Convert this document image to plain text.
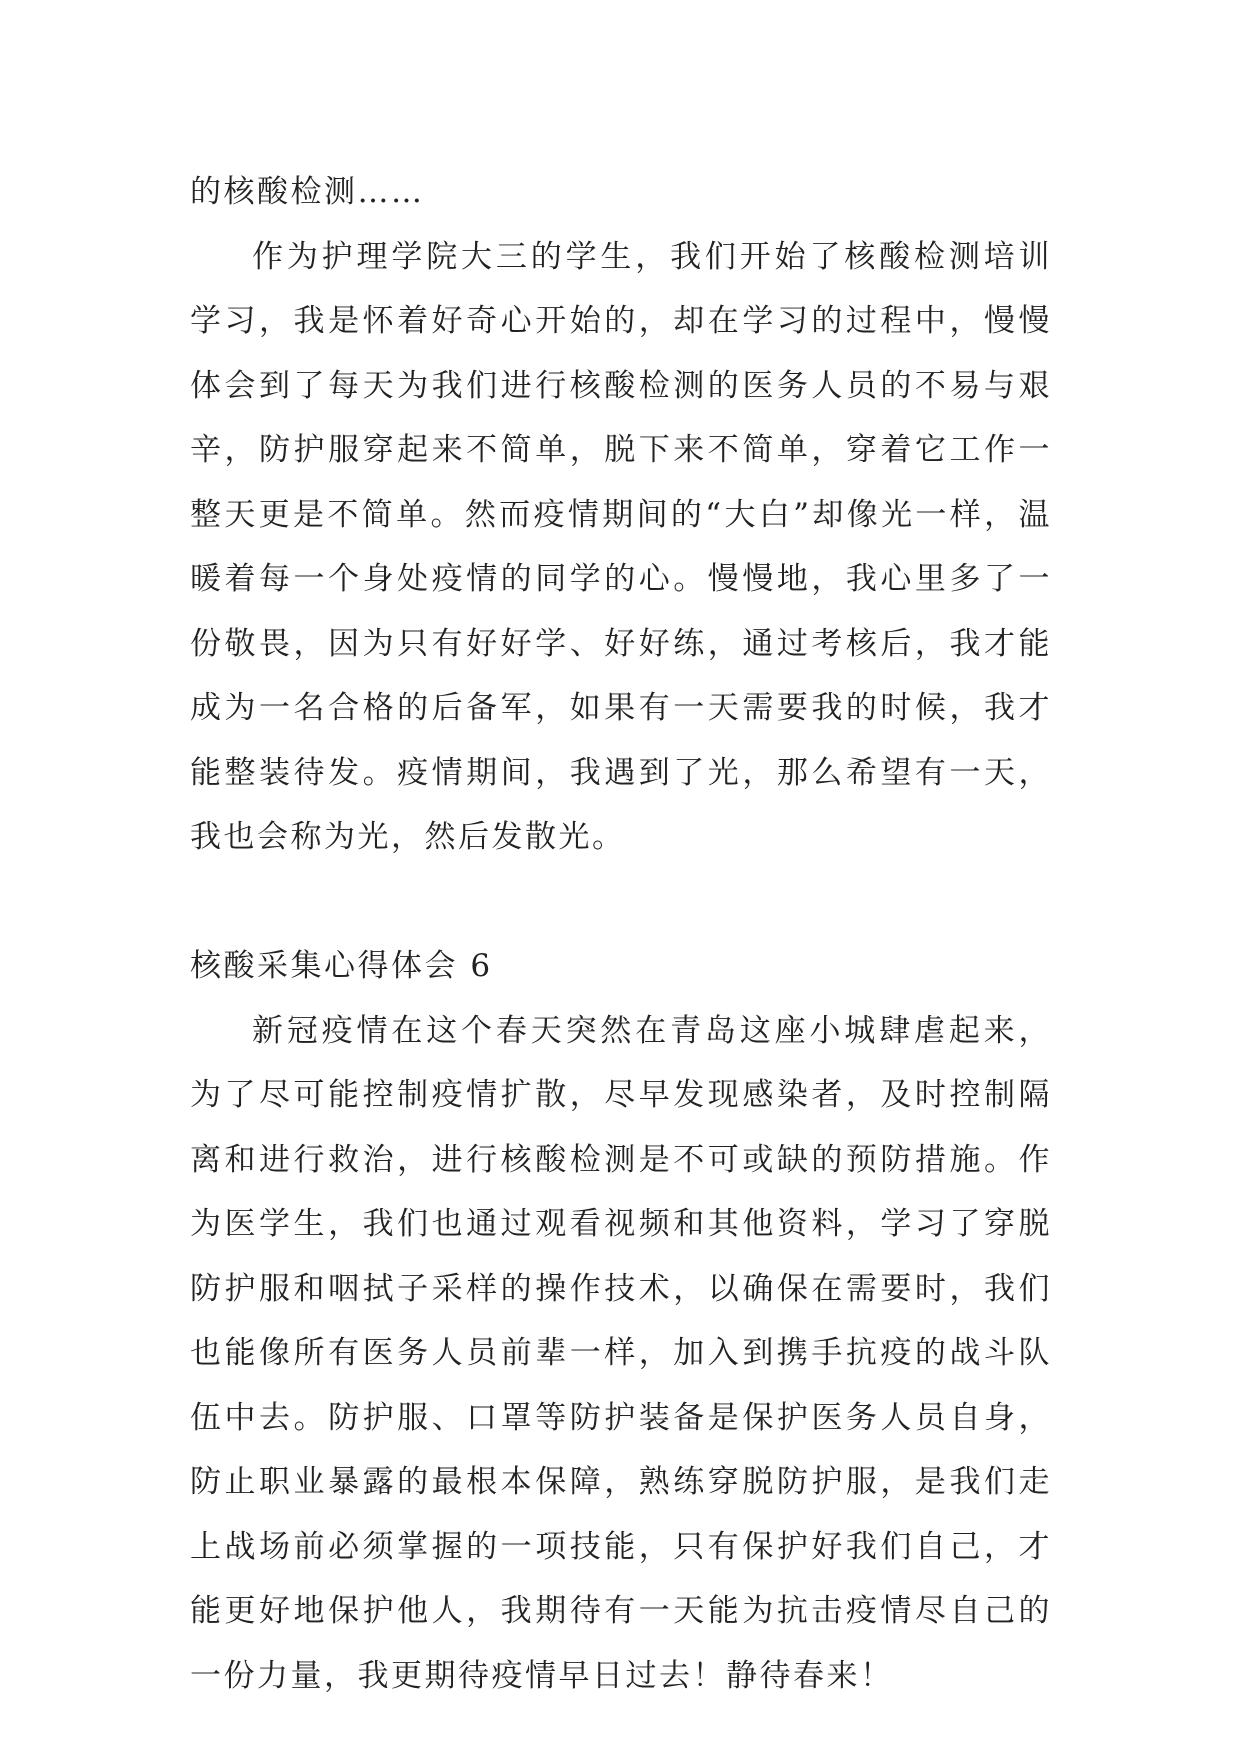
的核酸检测……

作为护理学院大三的学生，我们开始了核酸检测培训学习，我是怀着好奇心开始的，却在学习的过程中，慢慢体会到了每天为我们进行核酸检测的医务人员的不易与艰辛，防护服穿起来不简单，脱下来不简单，穿着它工作一整天更是不简单。然而疫情期间的“大白”却像光一样，温暖着每一个身处疫情的同学的心。慢慢地，我心里多了一份敬畏，因为只有好好学、好好练，通过考核后，我才能成为一名合格的后备军，如果有一天需要我的时候，我才能整装待发。疫情期间，我遇到了光，那么希望有一天，我也会称为光，然后发散光。

核酸采集心得体会 6

新冠疫情在这个春天突然在青岛这座小城肆虐起来，为了尽可能控制疫情扩散，尽早发现感染者，及时控制隔离和进行救治，进行核酸检测是不可或缺的预防措施。作为医学生，我们也通过观看视频和其他资料，学习了穿脱防护服和咽拭子采样的操作技术，以确保在需要时，我们也能像所有医务人员前辈一样，加入到携手抗疫的战斗队伍中去。防护服、口罩等防护装备是保护医务人员自身，防止职业暴露的最根本保障，熟练穿脱防护服，是我们走上战场前必须掌握的一项技能，只有保护好我们自己，才能更好地保护他人，我期待有一天能为抗击疫情尽自己的一份力量，我更期待疫情早日过去！静待春来！
